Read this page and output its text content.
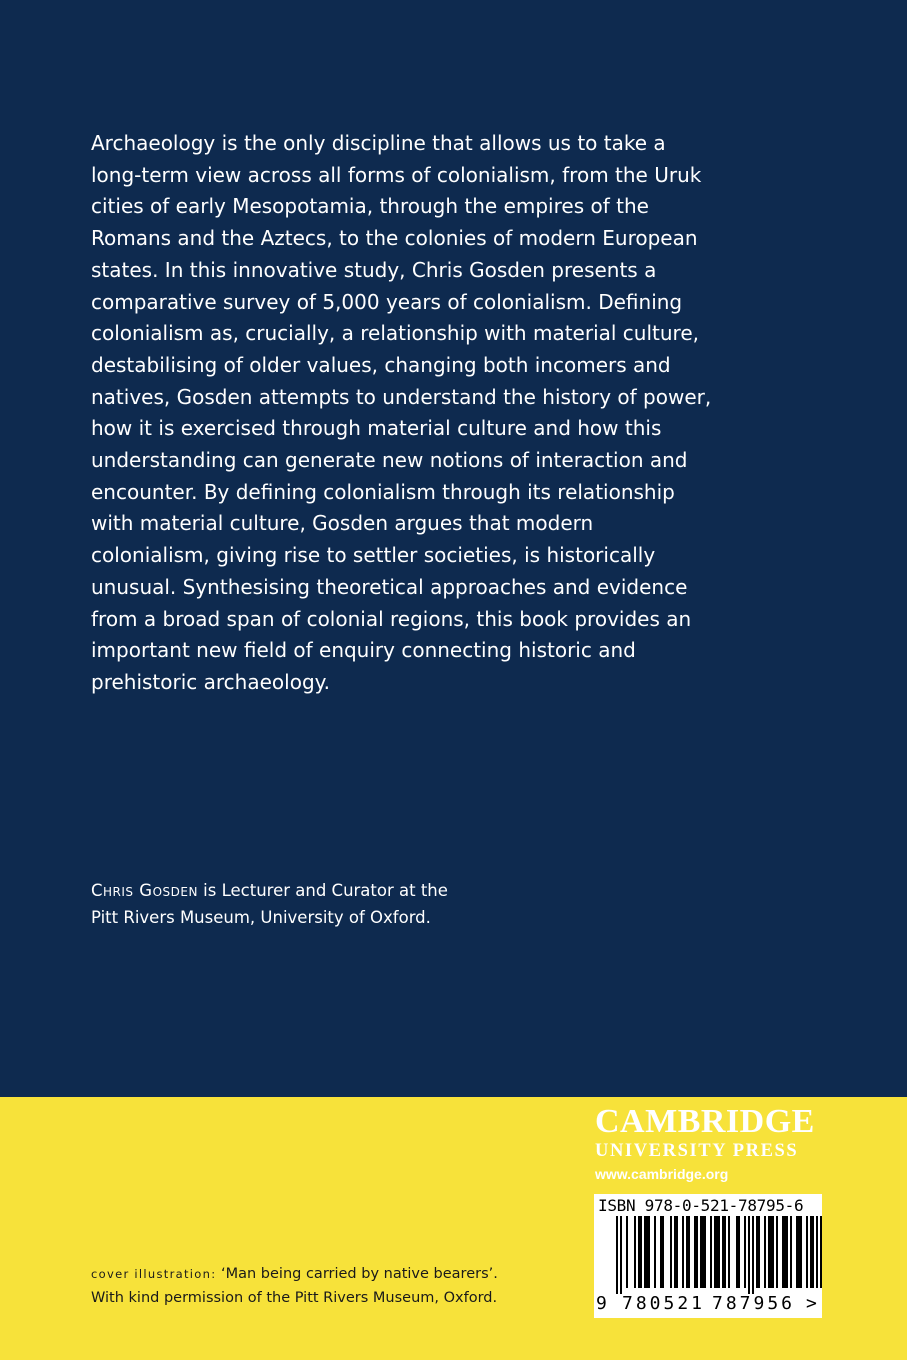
Archaeology is the only discipline that allows us to take a
long-term view across all forms of colonialism, from the Uruk
cities of early Mesopotamia, through the empires of the
Romans and the Aztecs, to the colonies of modern European
states. In this innovative study, Chris Gosden presents a
comparative survey of 5,000 years of colonialism. Defining
colonialism as, crucially, a relationship with material culture,
destabilising of older values, changing both incomers and
natives, Gosden attempts to understand the history of power,
how it is exercised through material culture and how this
understanding can generate new notions of interaction and
encounter. By defining colonialism through its relationship
with material culture, Gosden argues that modern
colonialism, giving rise to settler societies, is historically
unusual. Synthesising theoretical approaches and evidence
from a broad span of colonial regions, this book provides an
important new field of enquiry connecting historic and
prehistoric archaeology.
Chris Gosden is Lecturer and Curator at the
Pitt Rivers Museum, University of Oxford.
CAMBRIDGE
UNIVERSITY PRESS
www.cambridge.org
ISBN 978-0-521-78795-6
9 780521 787956 >
cover illustration: ‘Man being carried by native bearers’.
With kind permission of the Pitt Rivers Museum, Oxford.
